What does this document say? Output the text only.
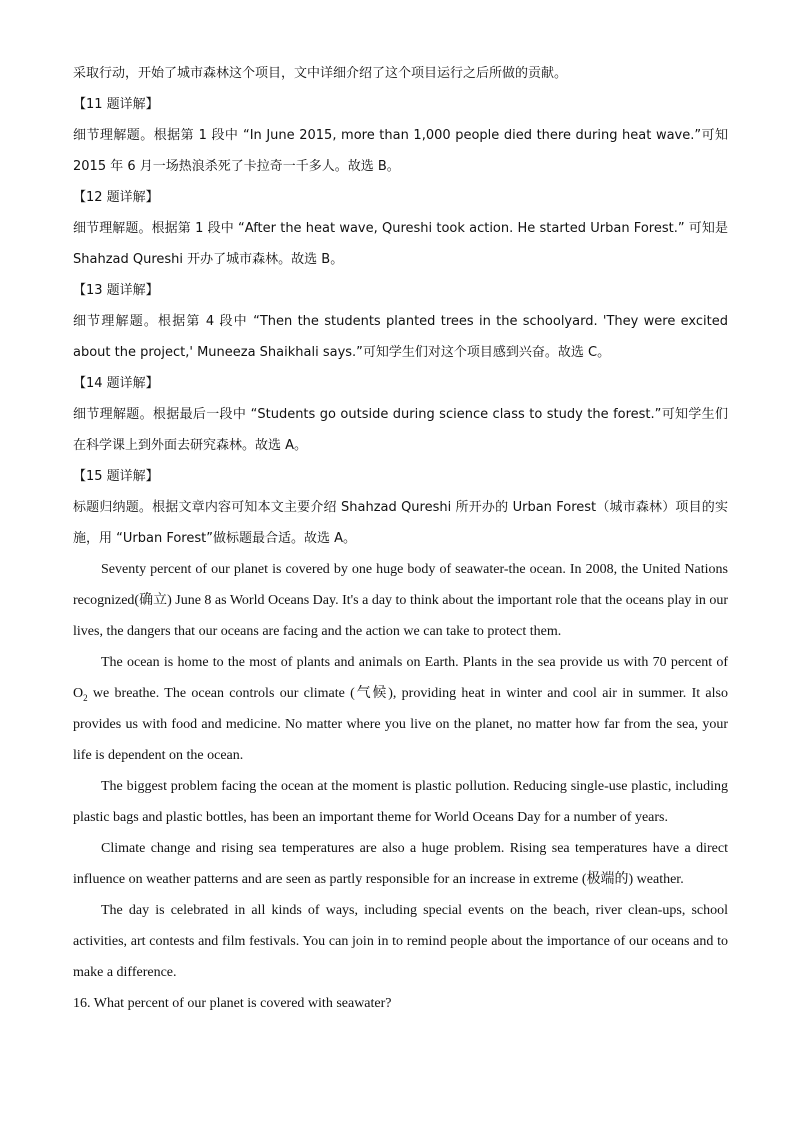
采取行动，开始了城市森林这个项目，文中详细介绍了这个项目运行之后所做的贡献。

【11 题详解】

细节理解题。根据第 1 段中 “In June 2015, more than 1,000 people died there during heat wave.”可知 2015 年 6 月一场热浪杀死了卡拉奇一千多人。故选 B。

【12 题详解】

细节理解题。根据第 1 段中 “After the heat wave, Qureshi took action. He started Urban Forest.” 可知是 Shahzad Qureshi 开办了城市森林。故选 B。

【13 题详解】

细节理解题。根据第 4 段中 “Then the students planted trees in the schoolyard. 'They were excited about the project,' Muneeza Shaikhali says.”可知学生们对这个项目感到兴奋。故选 C。

【14 题详解】

细节理解题。根据最后一段中 “Students go outside during science class to study the forest.”可知学生们在科学课上到外面去研究森林。故选 A。

【15 题详解】

标题归纳题。根据文章内容可知本文主要介绍 Shahzad Qureshi 所开办的 Urban Forest（城市森林）项目的实施，用 “Urban Forest”做标题最合适。故选 A。

Seventy percent of our planet is covered by one huge body of seawater-the ocean. In 2008, the United Nations recognized(确立) June 8 as World Oceans Day. It's a day to think about the important role that the oceans play in our lives, the dangers that our oceans are facing and the action we can take to protect them.

The ocean is home to the most of plants and animals on Earth. Plants in the sea provide us with 70 percent of $O_2$ we breathe. The ocean controls our climate (气候), providing heat in winter and cool air in summer. It also provides us with food and medicine. No matter where you live on the planet, no matter how far from the sea, your life is dependent on the ocean.

The biggest problem facing the ocean at the moment is plastic pollution. Reducing single-use plastic, including plastic bags and plastic bottles, has been an important theme for World Oceans Day for a number of years.

Climate change and rising sea temperatures are also a huge problem. Rising sea temperatures have a direct influence on weather patterns and are seen as partly responsible for an increase in extreme (极端的) weather.

The day is celebrated in all kinds of ways, including special events on the beach, river clean-ups, school activities, art contests and film festivals. You can join in to remind people about the importance of our oceans and to make a difference.

16. What percent of our planet is covered with seawater?
